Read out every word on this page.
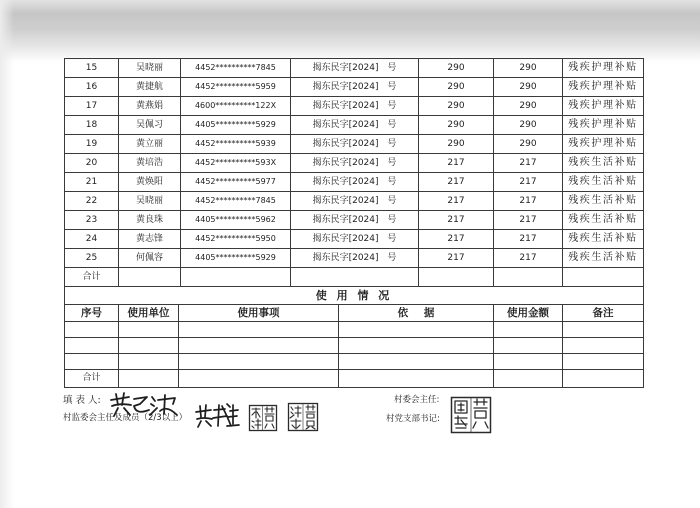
15	吴晓丽	4452**********7845	揭东民字[2024] 号	290	290	残疾护理补贴
16	黄捷航	4452**********5959	揭东民字[2024] 号	290	290	残疾护理补贴
17	黄燕娟	4600**********122X	揭东民字[2024] 号	290	290	残疾护理补贴
18	吴佩习	4405**********5929	揭东民字[2024] 号	290	290	残疾护理补贴
19	黄立丽	4452**********5939	揭东民字[2024] 号	290	290	残疾护理补贴
20	黄培浩	4452**********593X	揭东民字[2024] 号	217	217	残疾生活补贴
21	黄焕阳	4452**********5977	揭东民字[2024] 号	217	217	残疾生活补贴
22	吴晓丽	4452**********7845	揭东民字[2024] 号	217	217	残疾生活补贴
23	黄良珠	4405**********5962	揭东民字[2024] 号	217	217	残疾生活补贴
24	黄志锋	4452**********5950	揭东民字[2024] 号	217	217	残疾生活补贴
25	何佩容	4405**********5929	揭东民字[2024] 号	217	217	残疾生活补贴
合计						
使 用 情 况					
序号	使用单位	使用事项	依 据	使用金额	备注

合计					
填 表 人:
村监委会主任及成员（2/3以上）
村委会主任:
村党支部书记:
